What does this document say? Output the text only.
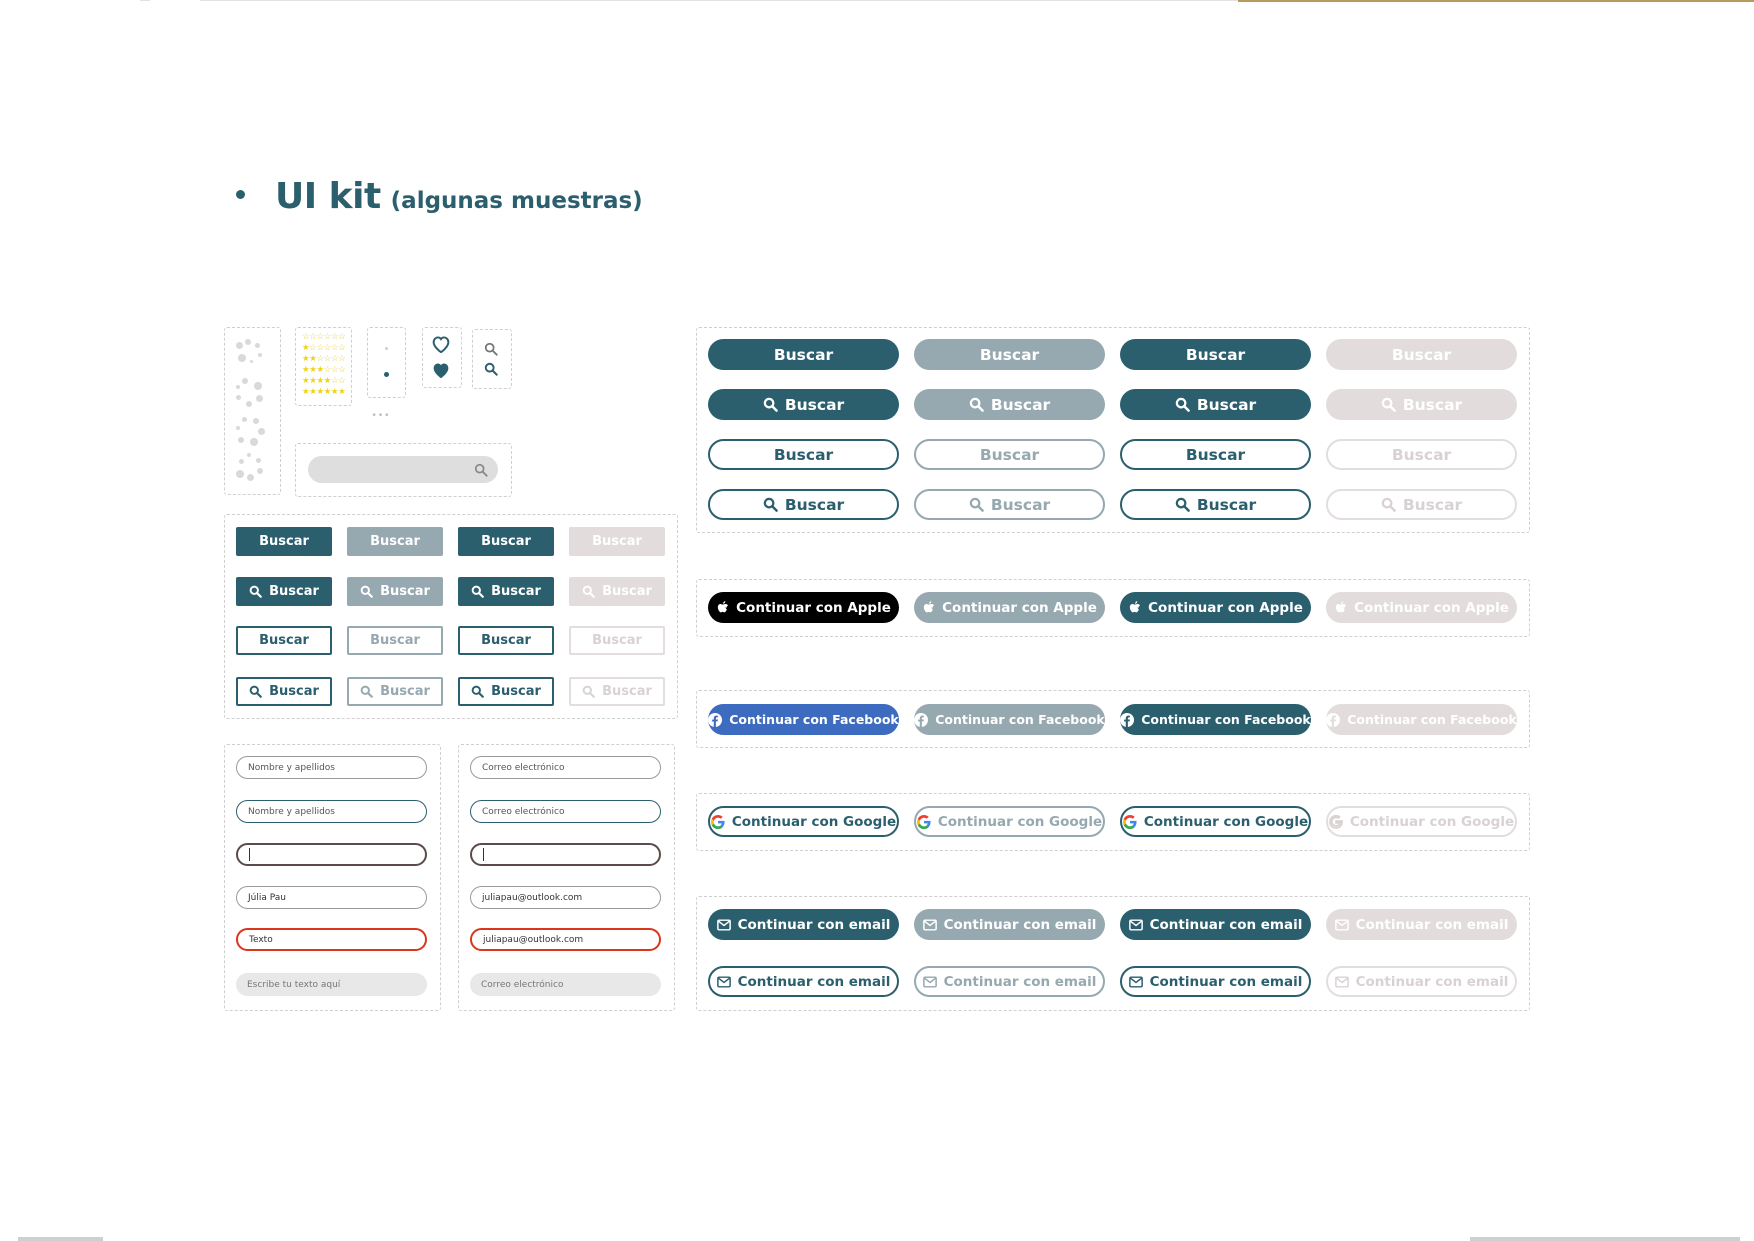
UI kit (algunas muestras)
☆☆☆☆☆☆
★☆☆☆☆☆
★★☆☆☆☆
★★★☆☆☆
★★★★☆☆
★★★★★★
•••
Buscar	Buscar	Buscar	Buscar
Buscar	Buscar	Buscar	Buscar
Buscar	Buscar	Buscar	Buscar
Buscar	Buscar	Buscar	Buscar
Nombre y apellidos
Nombre y apellidos
Júlia Pau
Texto
Escribe tu texto aquí
Correo electrónico
Correo electrónico
juliapau@outlook.com
juliapau@outlook.com
Correo electrónico
Buscar	Buscar	Buscar	Buscar
Buscar	Buscar	Buscar	Buscar
Buscar	Buscar	Buscar	Buscar
Buscar	Buscar	Buscar	Buscar
Continuar con Apple	Continuar con Apple	Continuar con Apple	Continuar con Apple
Continuar con Facebook	Continuar con Facebook	Continuar con Facebook	Continuar con Facebook
Continuar con Google	Continuar con Google	Continuar con Google	Continuar con Google
Continuar con email	Continuar con email	Continuar con email	Continuar con email
Continuar con email	Continuar con email	Continuar con email	Continuar con email
